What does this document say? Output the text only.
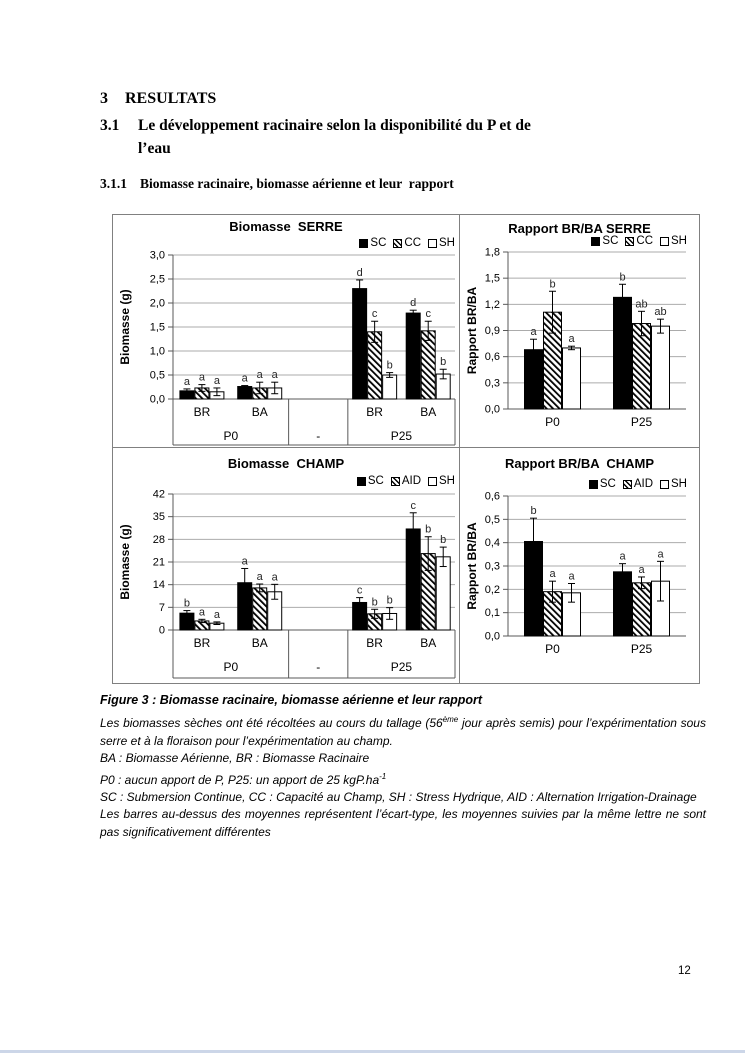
3	RESULTATS
3.1	Le développement racinaire selon la disponibilité du P et de
l’eau
3.1.1 Biomasse racinaire, biomasse aérienne et leur  rapport
Biomasse  SERRE
SC CC SH
0,0
0,5
1,0
1,5
2,0
2,5
3,0
Biomasse (g)
a a a
BR
a a a
BA
P0	-
d
c
b
BR
d
c
b
BA
P25
Rapport BR/BA SERRE
SC CC SH
0,0
0,3
0,6
0,9
1,2
1,5
1,8
Rapport BR/BA	a
b
a
P0
b
ab
ab
P25
Biomasse  CHAMP
SC AID SH
0
7
14
21
28
35
42
Biomasse (g)
b
a a
BR
a
a a
BA
P0	-
c
b b
BR
c
b
b
BA
P25
Rapport BR/BA  CHAMP
SC AID SH
0,0
0,1
0,2
0,3
0,4
0,5
0,6
Rapport BR/BA
b
a a
P0
a
a
a
P25
Figure 3 : Biomasse racinaire, biomasse aérienne et leur rapport

Les biomasses sèches ont été récoltées au cours du tallage (56ème jour après semis) pour l’expérimentation sous serre et à la floraison pour l’expérimentation au champ.

BA : Biomasse Aérienne, BR : Biomasse Racinaire

P0 : aucun apport de P, P25: un apport de 25 $kgP.ha^{-1}$

SC : Submersion Continue, CC : Capacité au Champ, SH : Stress Hydrique, AID : Alternation Irrigation-Drainage

Les barres au-dessus des moyennes représentent l’écart-type, les moyennes suivies par la même lettre ne sont pas significativement différentes

12
